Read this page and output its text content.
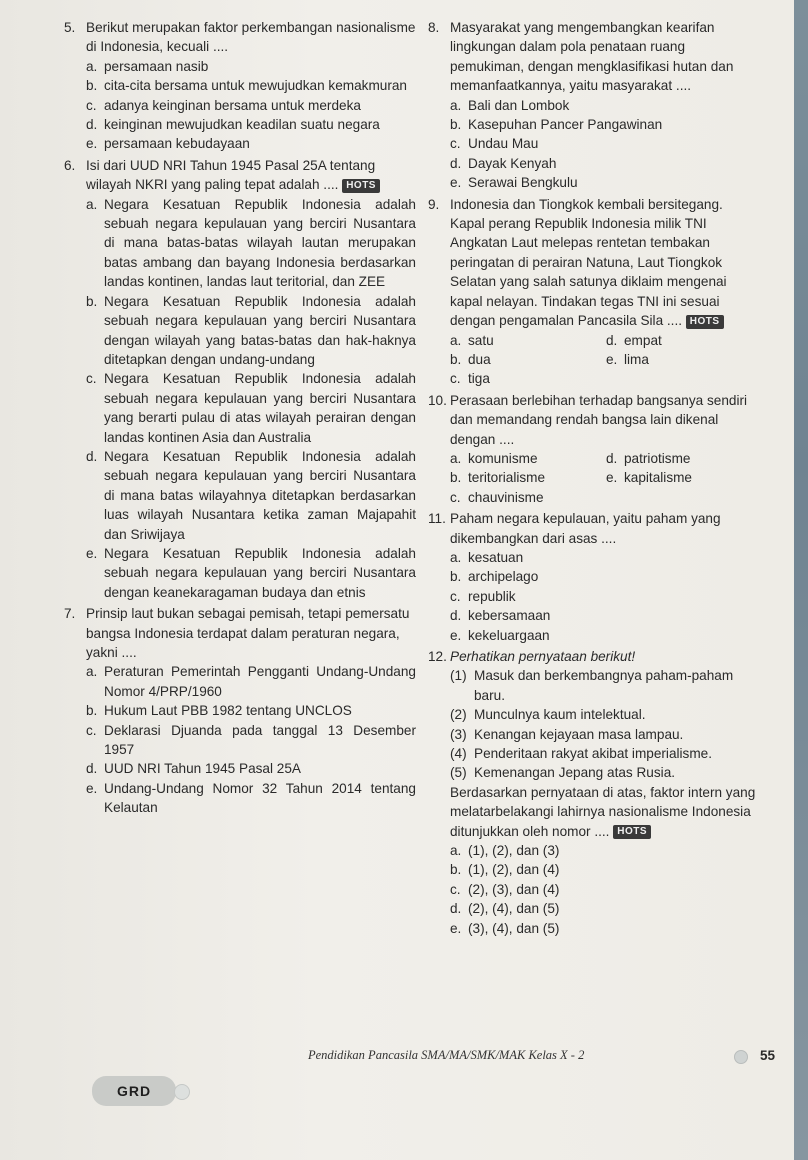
5. Berikut merupakan faktor perkembangan nasionalisme di Indonesia, kecuali ....
a. persamaan nasib
b. cita-cita bersama untuk mewujudkan kemakmuran
c. adanya keinginan bersama untuk merdeka
d. keinginan mewujudkan keadilan suatu negara
e. persamaan kebudayaan
6. Isi dari UUD NRI Tahun 1945 Pasal 25A tentang wilayah NKRI yang paling tepat adalah .... HOTS
a. Negara Kesatuan Republik Indonesia adalah sebuah negara kepulauan yang berciri Nusantara di mana batas-batas wilayah lautan merupakan batas ambang dan bayang Indonesia berdasarkan landas kontinen, landas laut teritorial, dan ZEE
b. Negara Kesatuan Republik Indonesia adalah sebuah negara kepulauan yang berciri Nusantara dengan wilayah yang batas-batas dan hak-haknya ditetapkan dengan undang-undang
c. Negara Kesatuan Republik Indonesia adalah sebuah negara kepulauan yang berciri Nusantara yang berarti pulau di atas wilayah perairan dengan landas kontinen Asia dan Australia
d. Negara Kesatuan Republik Indonesia adalah sebuah negara kepulauan yang berciri Nusantara di mana batas wilayahnya ditetapkan berdasarkan luas wilayah Nusantara ketika zaman Majapahit dan Sriwijaya
e. Negara Kesatuan Republik Indonesia adalah sebuah negara kepulauan yang berciri Nusantara dengan keanekaragaman budaya dan etnis
7. Prinsip laut bukan sebagai pemisah, tetapi pemersatu bangsa Indonesia terdapat dalam peraturan negara, yakni ....
a. Peraturan Pemerintah Pengganti Undang-Undang Nomor 4/PRP/1960
b. Hukum Laut PBB 1982 tentang UNCLOS
c. Deklarasi Djuanda pada tanggal 13 Desember 1957
d. UUD NRI Tahun 1945 Pasal 25A
e. Undang-Undang Nomor 32 Tahun 2014 tentang Kelautan
8. Masyarakat yang mengembangkan kearifan lingkungan dalam pola penataan ruang pemukiman, dengan mengklasifikasi hutan dan memanfaatkannya, yaitu masyarakat ....
a. Bali dan Lombok
b. Kasepuhan Pancer Pangawinan
c. Undau Mau
d. Dayak Kenyah
e. Serawai Bengkulu
9. Indonesia dan Tiongkok kembali bersitegang. Kapal perang Republik Indonesia milik TNI Angkatan Laut melepas rentetan tembakan peringatan di perairan Natuna, Laut Tiongkok Selatan yang salah satunya diklaim mengenai kapal nelayan. Tindakan tegas TNI ini sesuai dengan pengamalan Pancasila Sila .... HOTS
a. satu	d. empat
b. dua	e. lima
c. tiga
10. Perasaan berlebihan terhadap bangsanya sendiri dan memandang rendah bangsa lain dikenal dengan ....
a. komunisme	d. patriotisme
b. teritorialisme	e. kapitalisme
c. chauvinisme
11. Paham negara kepulauan, yaitu paham yang dikembangkan dari asas ....
a. kesatuan
b. archipelago
c. republik
d. kebersamaan
e. kekeluargaan
12. Perhatikan pernyataan berikut!
(1) Masuk dan berkembangnya paham-paham baru.
(2) Munculnya kaum intelektual.
(3) Kenangan kejayaan masa lampau.
(4) Penderitaan rakyat akibat imperialisme.
(5) Kemenangan Jepang atas Rusia.
Berdasarkan pernyataan di atas, faktor intern yang melatarbelakangi lahirnya nasionalisme Indonesia ditunjukkan oleh nomor .... HOTS
a. (1), (2), dan (3)
b. (1), (2), dan (4)
c. (2), (3), dan (4)
d. (2), (4), dan (5)
e. (3), (4), dan (5)
Pendidikan Pancasila SMA/MA/SMK/MAK Kelas X - 2	55
GRD
